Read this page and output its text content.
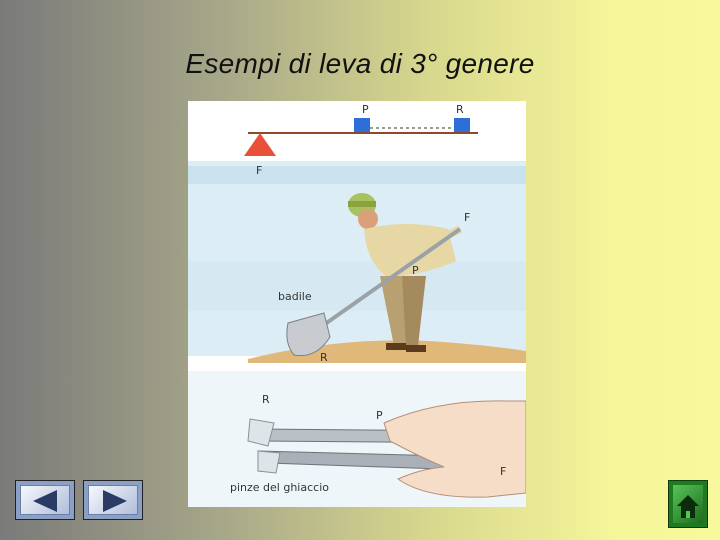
Esempi di leva di 3° genere
P	R
F
F
P
R
badile
R
P
F
pinze del ghiaccio
